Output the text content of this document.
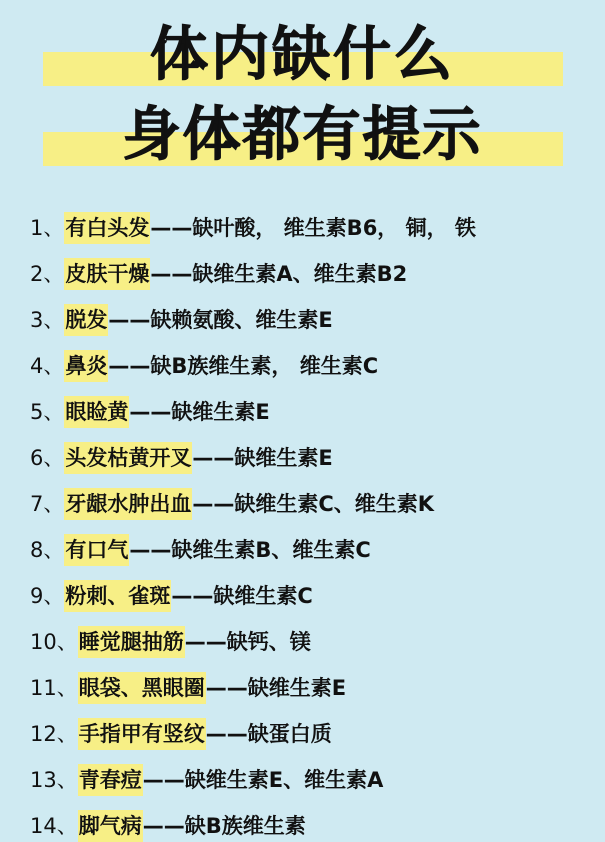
体内缺什么
身体都有提示
1、 有白头发 ——缺叶酸， 维生素B6， 铜， 铁
2、 皮肤干燥 ——缺维生素A、维生素B2
3、 脱发 ——缺赖氨酸、维生素E
4、 鼻炎 ——缺B族维生素， 维生素C
5、 眼睑黄 ——缺维生素E
6、 头发枯黄开叉 ——缺维生素E
7、 牙龈水肿出血 ——缺维生素C、维生素K
8、 有口气 ——缺维生素B、维生素C
9、 粉刺、雀斑 ——缺维生素C
10、 睡觉腿抽筋 ——缺钙、镁
11、 眼袋、黑眼圈 ——缺维生素E
12、 手指甲有竖纹 ——缺蛋白质
13、 青春痘 ——缺维生素E、维生素A
14、 脚气病 ——缺B族维生素
